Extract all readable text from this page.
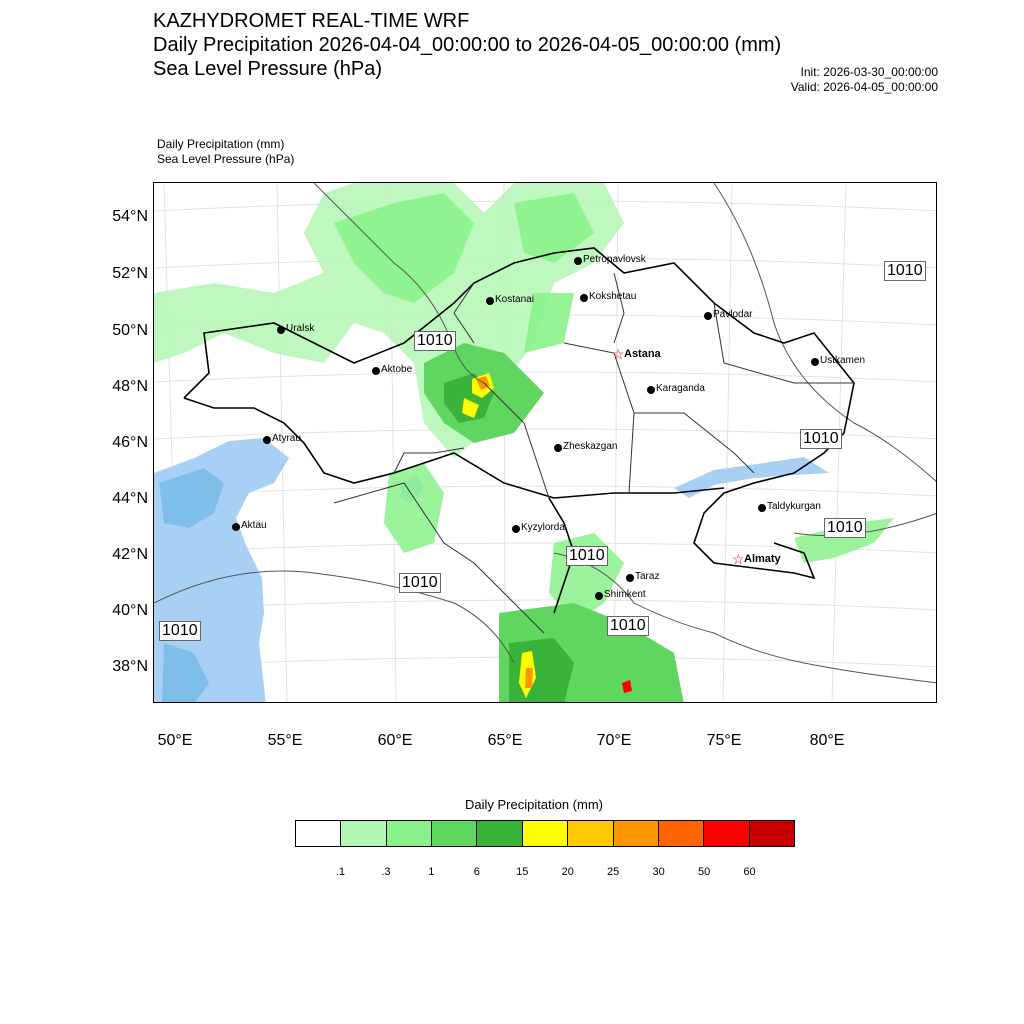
KAZHYDROMET REAL-TIME WRF
Daily Precipitation 2026-04-04_00:00:00 to 2026-04-05_00:00:00 (mm)
Sea Level Pressure (hPa)	Init: 2026-03-30_00:00:00
Valid: 2026-04-05_00:00:00
Daily Precipitation (mm)
Sea Level Pressure (hPa)
1010
1010
1010
1010
1010
1010
1010
1010
Petropavlovsk
Kostanai	Kokshetau
Pavlodar
Uralsk
☆ Astana
Ustkamen
Aktobe
Karaganda
Atyrau
Zheskazgan
Taldykurgan
Aktau	Kyzylorda
☆ Almaty
Taraz
Shimkent
54°N
52°N
50°N
48°N
46°N
44°N
42°N
40°N
38°N
50°E	55°E	60°E	65°E	70°E	75°E	80°E
Daily Precipitation (mm)
.1	.3	1	6	15	20	25	30	50	60
